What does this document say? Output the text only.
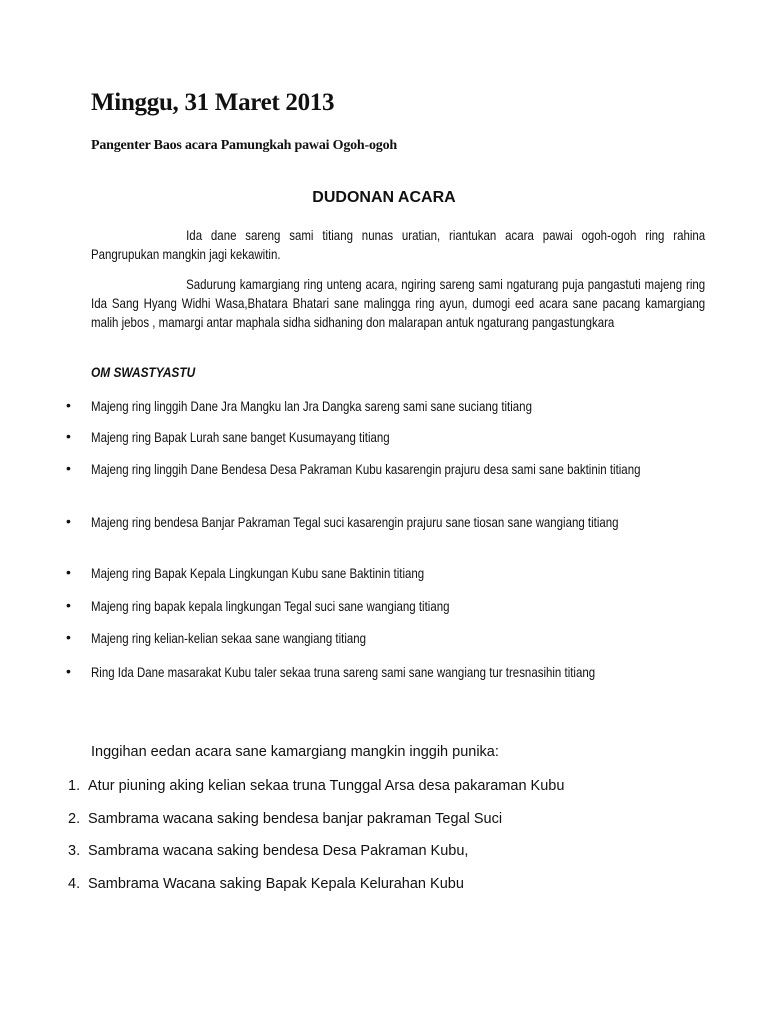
Minggu, 31 Maret 2013
Pangenter Baos acara Pamungkah pawai Ogoh-ogoh
DUDONAN ACARA
Ida dane sareng sami titiang nunas uratian, riantukan acara pawai ogoh-ogoh ring rahina Pangrupukan mangkin jagi kekawitin.
Sadurung kamargiang ring unteng acara, ngiring sareng sami ngaturang puja pangastuti majeng ring Ida Sang Hyang Widhi Wasa,Bhatara Bhatari sane malingga ring ayun, dumogi eed acara sane pacang kamargiang malih jebos , mamargi antar maphala sidha sidhaning don malarapan antuk ngaturang pangastungkara
OM SWASTYASTU
• Majeng ring linggih Dane Jra Mangku lan Jra Dangka sareng sami sane suciang titiang
• Majeng ring Bapak Lurah sane banget Kusumayang titiang
• Majeng ring linggih Dane Bendesa Desa Pakraman Kubu kasarengin prajuru desa sami sane baktinin titiang
• Majeng ring bendesa Banjar Pakraman Tegal suci kasarengin prajuru sane tiosan sane wangiang titiang
• Majeng ring Bapak Kepala Lingkungan Kubu sane Baktinin titiang
• Majeng ring bapak kepala lingkungan Tegal suci sane wangiang titiang
• Majeng ring kelian-kelian sekaa sane wangiang titiang
• Ring Ida Dane masarakat Kubu taler sekaa truna sareng sami sane wangiang tur tresnasihin titiang
Inggihan eedan acara sane kamargiang mangkin inggih punika:
1. Atur piuning aking kelian sekaa truna Tunggal Arsa desa pakaraman Kubu
2. Sambrama wacana saking bendesa banjar pakraman Tegal Suci
3. Sambrama wacana saking bendesa Desa Pakraman Kubu,
4. Sambrama Wacana saking Bapak Kepala Kelurahan Kubu
